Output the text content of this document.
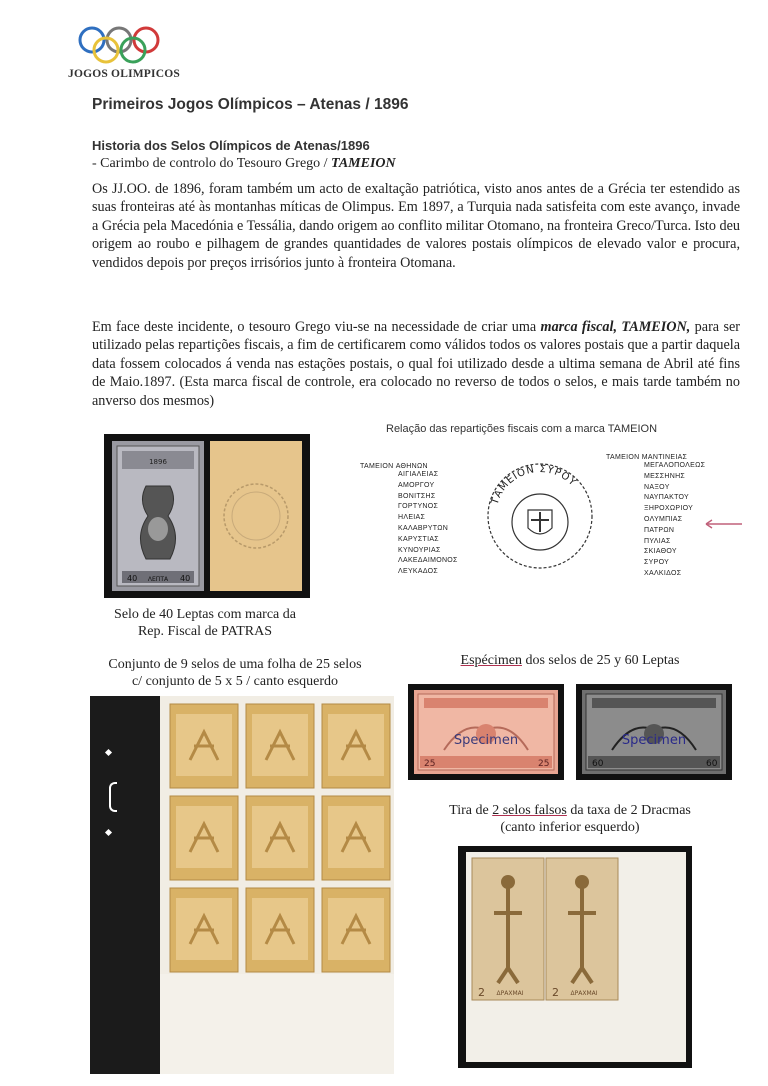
JOGOS OLIMPICOS
Primeiros Jogos Olímpicos – Atenas / 1896
Historia dos Selos Olímpicos de Atenas/1896
- Carimbo de controlo do Tesouro Grego / TAMEION
Os JJ.OO. de 1896, foram também um acto de exaltação patriótica, visto anos antes de a Grécia ter estendido as suas fronteiras até às montanhas míticas de Olimpus. Em 1897, a Turquia nada satisfeita com este avanço, invade a Grécia pela Macedónia e Tessália, dando origem ao conflito militar Otomano, na fronteira Greco/Turca. Isto deu origem ao roubo e pilhagem de grandes quantidades de valores postais olímpicos de elevado valor e procura, vendidos depois por preços irrisórios junto à fronteira Otomana.
Em face deste incidente, o tesouro Grego viu-se na necessidade de criar uma marca fiscal, TAMEION, para ser utilizado pelas repartições fiscais, a fim de certificarem como válidos todos os valores postais que a partir daquela data fossem colocados á venda nas estações postais, o qual foi utilizado desde a ultima semana de Abril até fins de Maio.1897. (Esta marca fiscal de controle, era colocado no reverso de todos o selos, e mais tarde também no anverso dos mesmos)
1896
40 ΛΕΠΤΑ 40
Selo de 40 Leptas com marca da
Rep. Fiscal de PATRAS
Relação das repartições fiscais com a marca TAMEION
TAMEION ΑΘΗΝΩΝ
ΑΙΓΙΑΛΕΙΑΣ
ΑΜΟΡΓΟΥ
ΒΟΝΙΤΣΗΣ
ΓΟΡΤΥΝΟΣ
ΗΛΕΙΑΣ
ΚΑΛΑΒΡΥΤΩΝ
ΚΑΡΥΣΤΙΑΣ
ΚΥΝΟΥΡΙΑΣ
ΛΑΚΕΔΑΙΜΟΝΟΣ
ΛΕΥΚΑΔΟΣ
TAMEION ΜΑΝΤΙΝΕΙΑΣ
ΜΕΓΑΛΟΠΟΛΕΩΣ
ΜΕΣΣΗΝΗΣ
ΝΑΞΟΥ
ΝΑΥΠΑΚΤΟΥ
ΞΗΡΟΧΩΡΙΟΥ
ΟΛΥΜΠΙΑΣ
ΠΑΤΡΩΝ
ΠΥΛΙΑΣ
ΣΚΙΑΘΟΥ
ΣΥΡΟΥ
ΧΑΛΚΙΔΟΣ
ΤΑΜΕΙΟΝ ΣΥΡΟΥ
Conjunto de 9 selos de uma folha de 25 selos
c/ conjunto de 5 x 5 / canto esquerdo
Espécimen dos selos de 25 y 60 Leptas
25	25
Specimen
60	60
Specimen
Tira de 2 selos falsos da taxa de 2 Dracmas
(canto inferior esquerdo)
2 ΔΡΑΧΜΑΙ	2 ΔΡΑΧΜΑΙ
